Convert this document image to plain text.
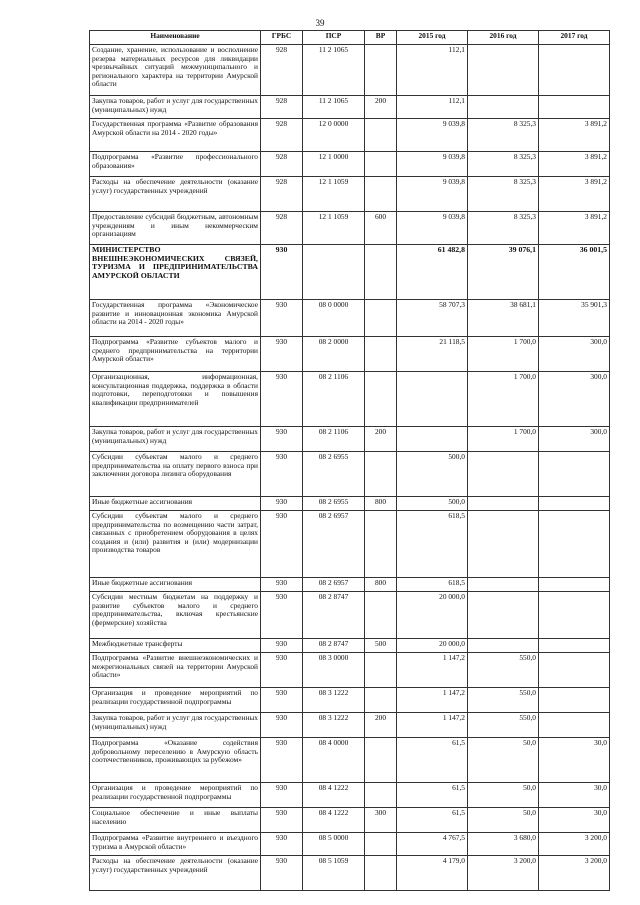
39
Наименование	ГРБС	ПСР	ВР	2015 год	2016 год	2017 год
Создание, хранение, использование и восполнение резерва материальных ресурсов для ликвидации чрезвычайных ситуаций межмуниципального и регионального характера на территории Амурской области	928	11 2 1065		112,1		
Закупка товаров, работ и услуг для государственных (муниципальных) нужд	928	11 2 1065	200	112,1		
Государственная программа «Развитие образования Амурской области на 2014 - 2020 годы»	928	12 0 0000		9 039,8	8 325,3	3 891,2
Подпрограмма «Развитие профессионального образования»	928	12 1 0000		9 039,8	8 325,3	3 891,2
Расходы на обеспечение деятельности (оказание услуг) государственных учреждений	928	12 1 1059		9 039,8	8 325,3	3 891,2
Предоставление субсидий бюджетным, автономным учреждениям и иным некоммерческим организациям	928	12 1 1059	600	9 039,8	8 325,3	3 891,2
МИНИСТЕРСТВО ВНЕШНЕЭКОНОМИЧЕСКИХ СВЯЗЕЙ, ТУРИЗМА И ПРЕДПРИНИМАТЕЛЬСТВА АМУРСКОЙ ОБЛАСТИ	930			61 482,8	39 076,1	36 001,5
Государственная программа «Экономическое развитие и инновационная экономика Амурской области на 2014 - 2020 годы»	930	08 0 0000		58 707,3	38 681,1	35 901,3
Подпрограмма «Развитие субъектов малого и среднего предпринимательства на территории Амурской области»	930	08 2 0000		21 118,5	1 700,0	300,0
Организационная, информационная, консультационная поддержка, поддержка в области подготовки, переподготовки и повышения квалификации предпринимателей	930	08 2 1106			1 700,0	300,0
Закупка товаров, работ и услуг для государственных (муниципальных) нужд	930	08 2 1106	200		1 700,0	300,0
Субсидии субъектам малого и среднего предпринимательства на оплату первого взноса при заключении договора лизинга оборудования	930	08 2 6955		500,0		
Иные бюджетные ассигнования	930	08 2 6955	800	500,0		
Субсидии субъектам малого и среднего предпринимательства по возмещению части затрат, связанных с приобретением оборудования в целях создания и (или) развития и (или) модернизации производства товаров	930	08 2 6957		618,5		
Иные бюджетные ассигнования	930	08 2 6957	800	618,5		
Субсидии местным бюджетам на поддержку и развитие субъектов малого и среднего предпринимательства, включая крестьянские (фермерские) хозяйства	930	08 2 8747		20 000,0		
Межбюджетные трансферты	930	08 2 8747	500	20 000,0		
Подпрограмма «Развитие внешнеэкономических и межрегиональных связей на территории Амурской области»	930	08 3 0000		1 147,2	550,0	
Организация и проведение мероприятий по реализации государственной подпрограммы	930	08 3 1222		1 147,2	550,0	
Закупка товаров, работ и услуг для государственных (муниципальных) нужд	930	08 3 1222	200	1 147,2	550,0	
Подпрограмма «Оказание содействия добровольному переселению в Амурскую область соотечественников, проживающих за рубежом»	930	08 4 0000		61,5	50,0	30,0
Организация и проведение мероприятий по реализации государственной подпрограммы	930	08 4 1222		61,5	50,0	30,0
Социальное обеспечение и иные выплаты населению	930	08 4 1222	300	61,5	50,0	30,0
Подпрограмма «Развитие внутреннего и въездного туризма в Амурской области»	930	08 5 0000		4 767,5	3 680,0	3 200,0
Расходы на обеспечение деятельности (оказание услуг) государственных учреждений	930	08 5 1059		4 179,0	3 200,0	3 200,0
